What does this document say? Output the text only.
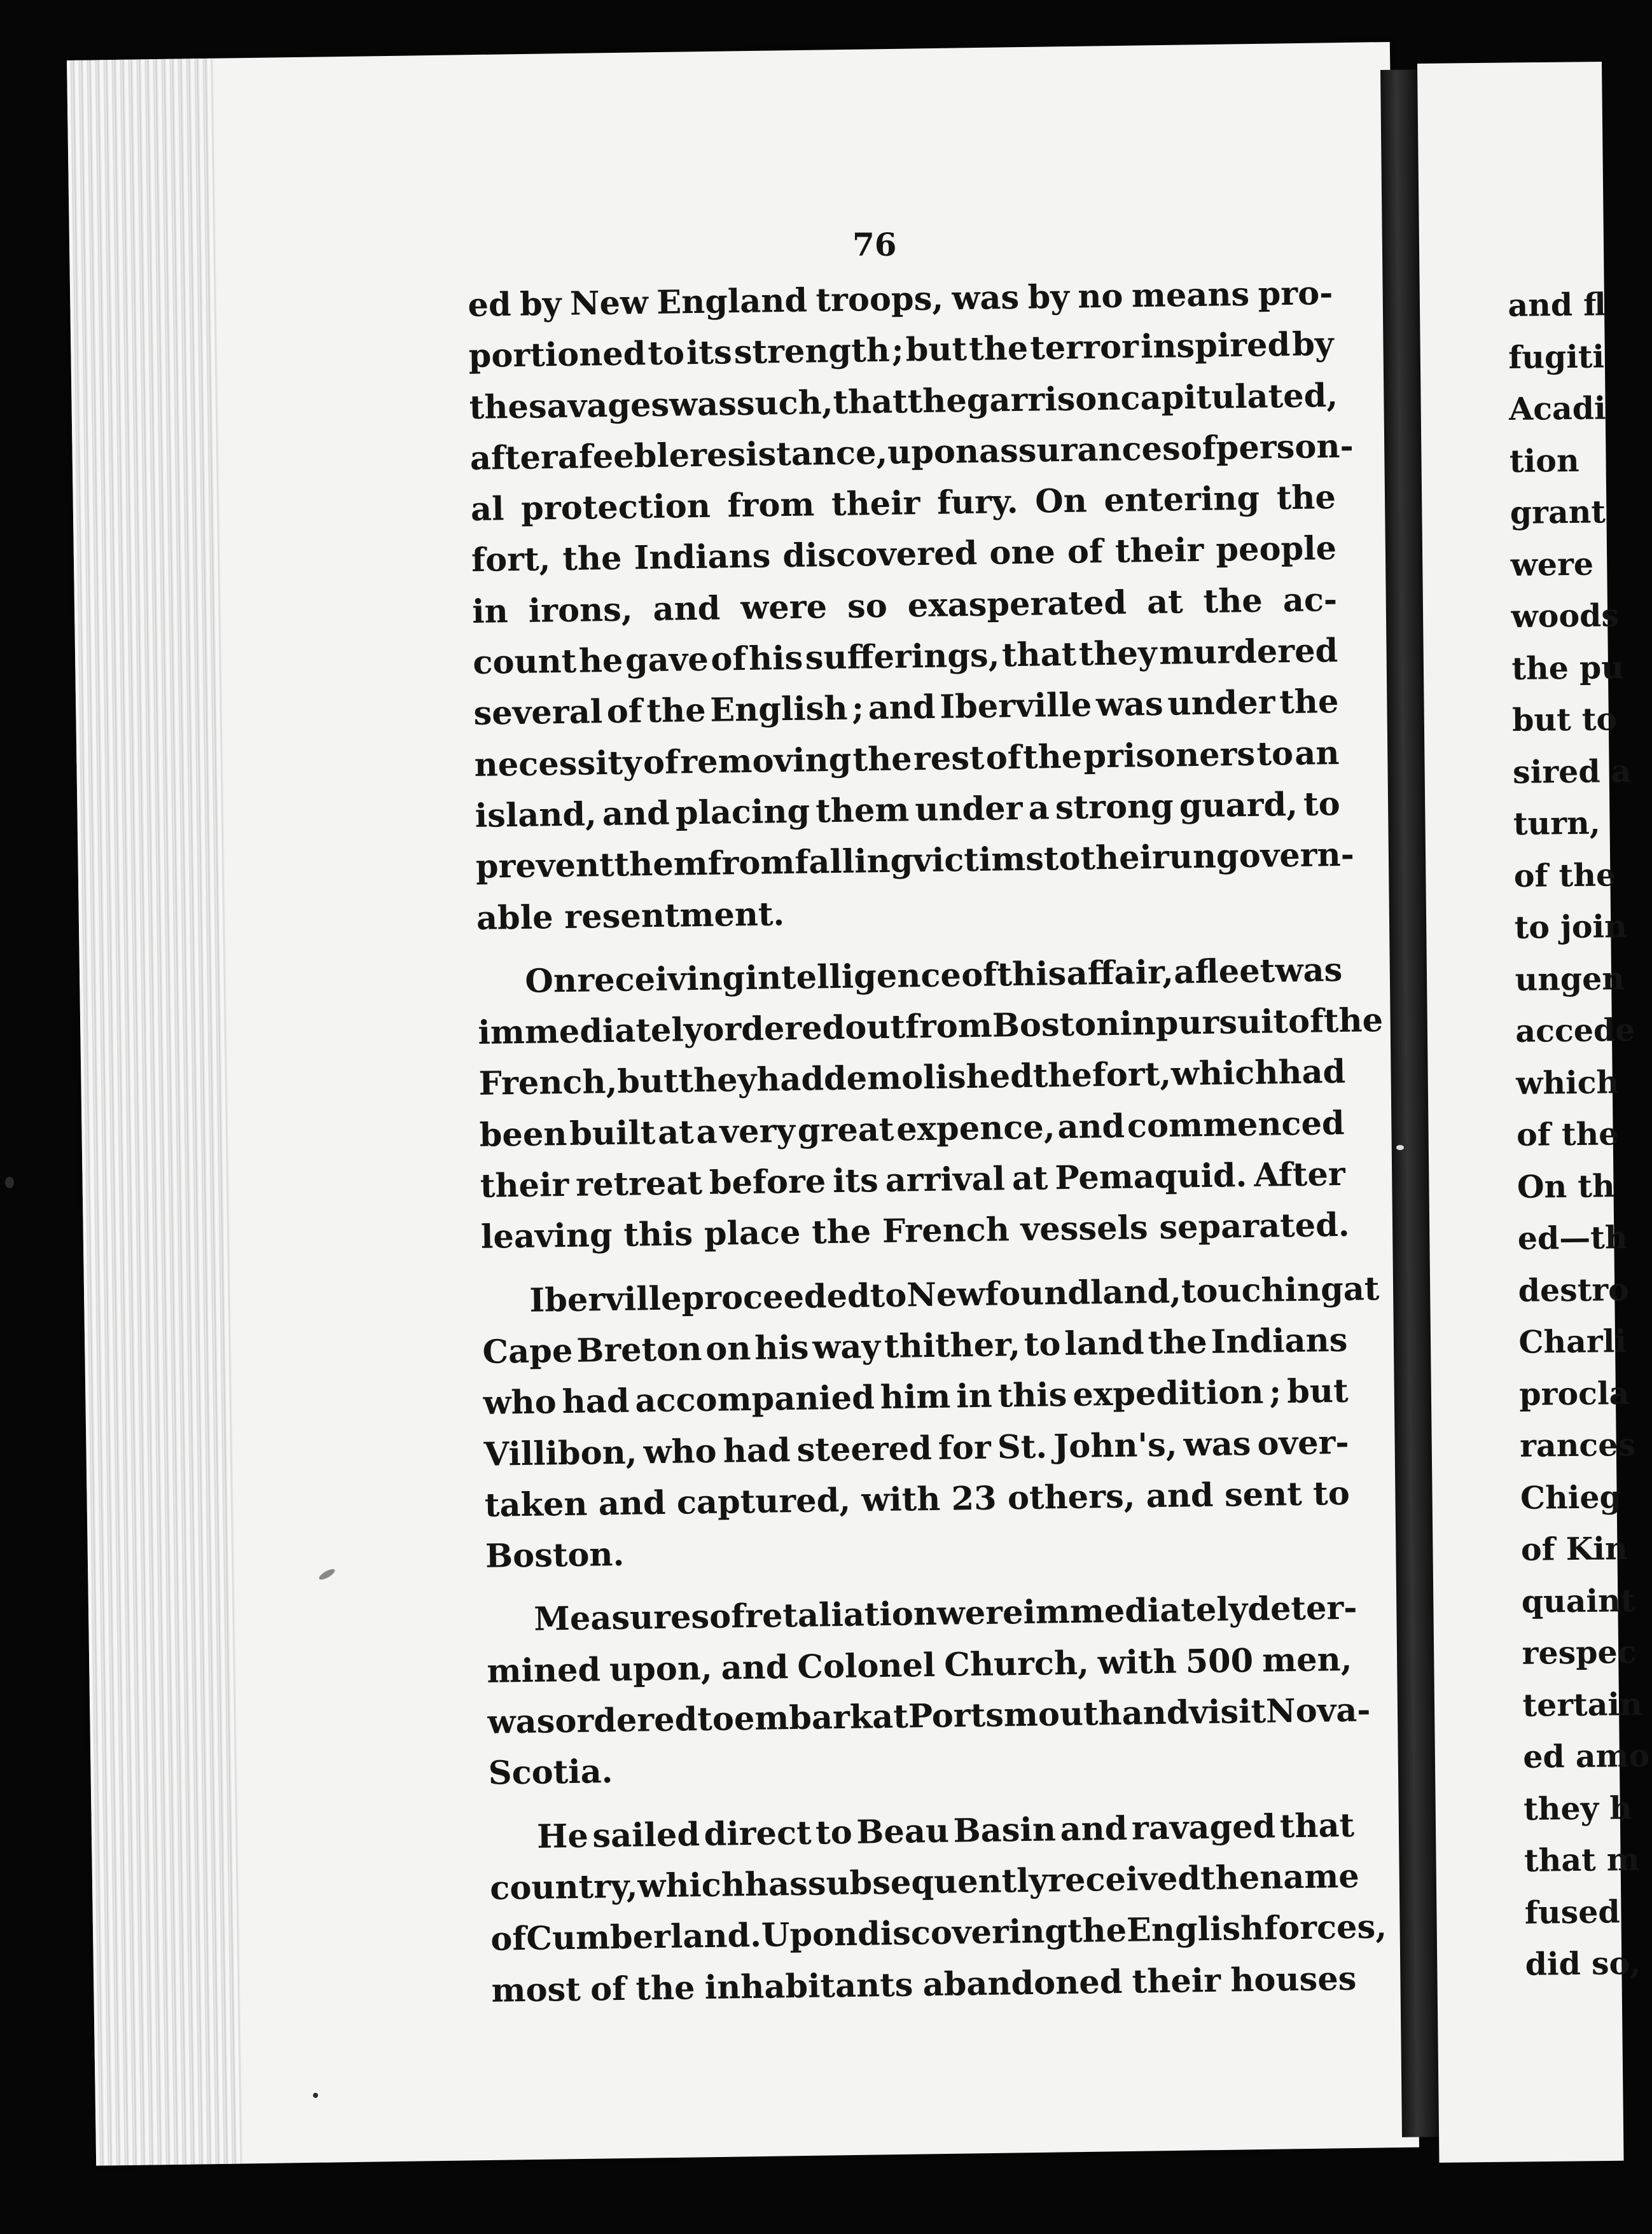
76

ed by New England troops, was by no means pro-
portioned to its strength ; but the terror inspired by
the savages was such, that the garrison capitulated,
after a feeble resistance, upon assurances of person-
al protection from their fury. On entering the
fort, the Indians discovered one of their people
in irons, and were so exasperated at the ac-
count he gave of his sufferings, that they murdered
several of the English ; and Iberville was under the
necessity of removing the rest of the prisoners to an
island, and placing them under a strong guard, to
prevent them from falling victims to their ungovern-
able resentment.
On receiving intelligence of this affair, a fleet was
immediately ordered out from Boston in pursuit of the
French, but they had demolished the fort, which had
been built at a very great expence, and commenced
their retreat before its arrival at Pemaquid. After
leaving this place the French vessels separated.
Iberville proceeded to Newfoundland, touching at
Cape Breton on his way thither, to land the Indians
who had accompanied him in this expedition ; but
Villibon, who had steered for St. John's, was over-
taken and captured, with 23 others, and sent to
Boston.
Measures of retaliation were immediately deter-
mined upon, and Colonel Church, with 500 men,
was ordered to embark at Portsmouth and visit Nova-
Scotia.
He sailed direct to Beau Basin and ravaged that
country, which has subsequently received the name
of Cumberland. Upon discovering the English forces,
most of the inhabitants abandoned their houses
and fl
fugiti
Acadi
tion
grant
were
woods
the pu
but to
sired a
turn,
of the
to join
ungen
accede
which
of the
On th
ed—th
destro
Charli
procla
rances
Chieg
of Kin
quaint
respec
tertain
ed amo
they h
that m
fused
did so,
